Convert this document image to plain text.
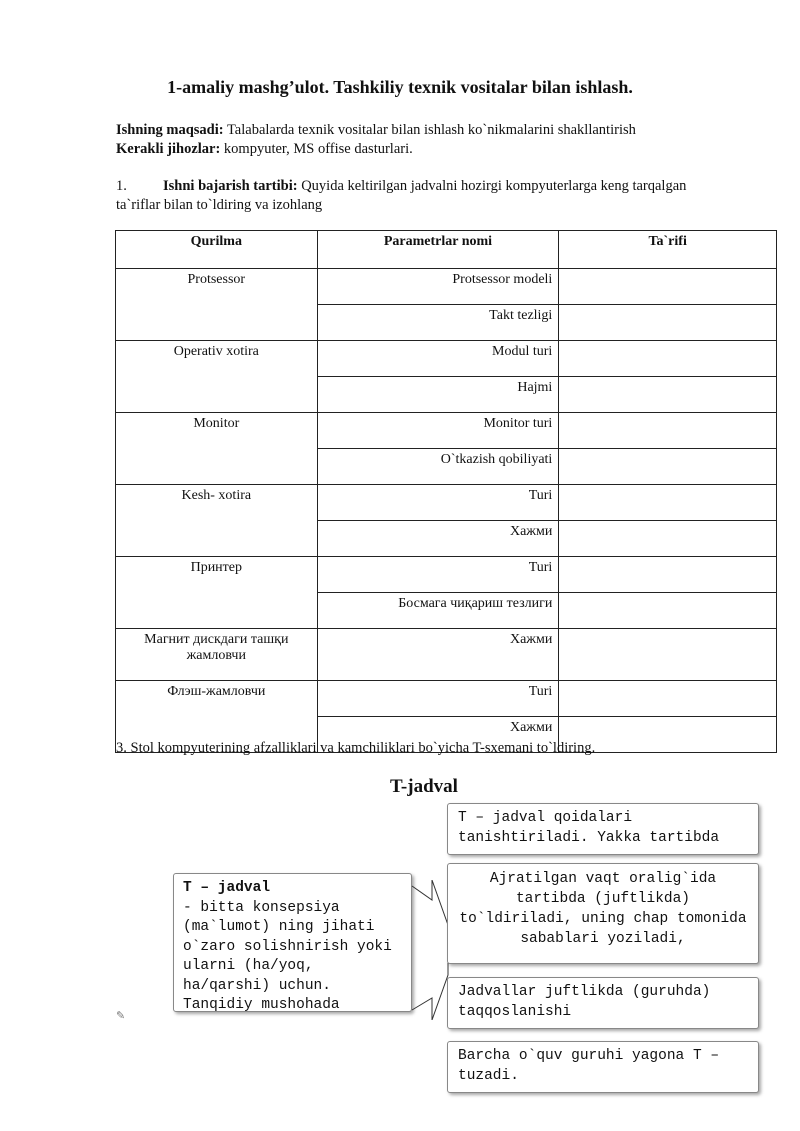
1-amaliy mashg’ulot. Tashkiliy texnik vositalar bilan ishlash.
Ishning maqsadi: Talabalarda texnik vositalar bilan ishlash ko`nikmalarini shakllantirish
Kerakli jihozlar: kompyuter, MS offise dasturlari.
1. Ishni bajarish tartibi: Quyida keltirilgan jadvalni hozirgi kompyuterlarga keng tarqalgan
ta`riflar bilan to`ldiring va izohlang
Qurilma	Parametrlar nomi	Ta`rifi
Protsessor	Protsessor modeli	
	Takt tezligi	
Operativ xotira	Modul turi	
	Hajmi	
Monitor	Monitor turi	
	O`tkazish qobiliyati	
Kesh- xotira	Turi	
	Хажми	
Принтер	Turi	
	Босмага чиқариш тезлиги	
Магнит дискдаги ташқи жамловчи	Хажми	
Флэш-жамловчи	Turi	
	Хажми	
3. Stol kompyuterining afzalliklari va kamchiliklari bo`yicha T-sxemani to`ldiring.
T-jadval
T – jadval
- bitta konsepsiya (ma`lumot) ning jihati o`zaro solishnirish yoki ularni (ha/yoq, ha/qarshi) uchun. Tanqidiy mushohada
T – jadval qoidalari tanishtiriladi. Yakka tartibda
Ajratilgan vaqt oralig`ida tartibda (juftlikda) to`ldiriladi, uning chap tomonida sabablari yoziladi,
Jadvallar juftlikda (guruhda) taqqoslanishi
Barcha o`quv guruhi yagona T – tuzadi.
✎
